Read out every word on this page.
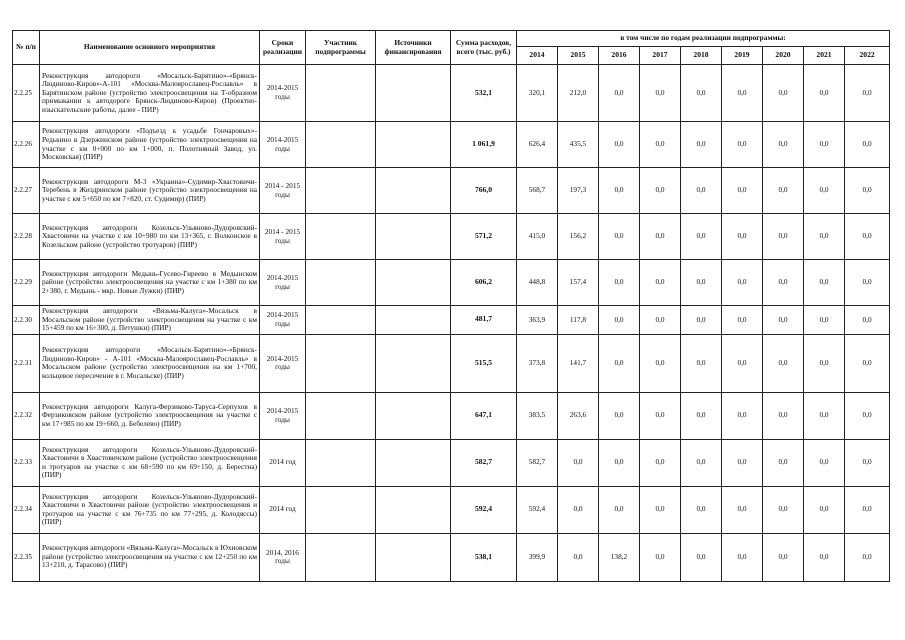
№ п/п	Наименование основного мероприятия	Сроки реализации	Участник подпрограммы	Источники финансирования	Сумма расходов, всего (тыс. руб.)	в том числе по годам реализации подпрограммы:								
						2014	2015	2016	2017	2018	2019	2020	2021	2022
2.2.25	Реконструкция автодороги «Мосальск-Барятино»-«Брянск-Людиново-Киров»-А-101 «Москва-Малоярославец-Рославль» в Барятинском районе (устройство электроосвещения на Т-образном примыкании к автодороге Брянск-Людиново-Киров) (Проектно-изыскательские работы, далее - ПИР)	2014-2015 годы			532,1	320,1	212,0	0,0	0,0	0,0	0,0	0,0	0,0	0,0
2.2.26	Реконструкция автодороги «Подъезд к усадьбе Гончаровых»-Редькино в Дзержинском районе (устройство электроосвещения на участке с км 0+000 по км 1+000, п. Полотняный Завод, ул. Московская) (ПИР)	2014-2015 годы			1 061,9	626,4	435,5	0,0	0,0	0,0	0,0	0,0	0,0	0,0
2.2.27	Реконструкция автодороги М-3 «Украина»-Судимир-Хвастовичи-Теребень в Жиздринском районе (устройство электроосвещения на участке с км 5+650 по км 7+820, ст. Судимир) (ПИР)	2014 - 2015 годы			766,0	568,7	197,3	0,0	0,0	0,0	0,0	0,0	0,0	0,0
2.2.28	Реконструкция автодороги Козельск-Ульяново-Дудоровский-Хвастовичи на участке с км 10+980 по км 13+365, г. Волконское в Козельском районе (устройство тротуаров) (ПИР)	2014 - 2015 годы			571,2	415,0	156,2	0,0	0,0	0,0	0,0	0,0	0,0	0,0
2.2.29	Реконструкция автодороги Медынь-Гусево-Гиреево в Медынском районе (устройство электроосвещения на участке с км 1+380 по км 2+380, г. Медынь - мкр. Новые Лужки) (ПИР)	2014-2015 годы			606,2	448,8	157,4	0,0	0,0	0,0	0,0	0,0	0,0	0,0
2.2.30	Реконструкция автодороги «Вязьма-Калуга»-Мосальск в Мосальском районе (устройство электроосвещения на участке с км 15+459 по км 16+300, д. Петушки) (ПИР)	2014-2015 годы			481,7	363,9	117,8	0,0	0,0	0,0	0,0	0,0	0,0	0,0
2.2.31	Реконструкция автодороги «Мосальск-Барятино»-«Брянск-Людиново-Киров» - А-101 «Москва-Малоярославец-Рославль» в Мосальском районе (устройство электроосвещения на км 1+700, кольцевое пересечение в г. Мосальске) (ПИР)	2014-2015 годы			515,5	373,8	141,7	0,0	0,0	0,0	0,0	0,0	0,0	0,0
2.2.32	Реконструкция автодороги Калуга-Ферзиково-Таруса-Серпухов в Ферзиковском районе (устройство электроосвещения на участке с км 17+985 по км 19+660, д. Бебелево) (ПИР)	2014-2015 годы			647,1	383,5	263,6	0,0	0,0	0,0	0,0	0,0	0,0	0,0
2.2.33	Реконструкция автодороги Козельск-Ульяново-Дудоровский-Хвастовичи в Хвастовичском районе (устройство электроосвещения и тротуаров на участке с км 68+590 по км 69+150, д. Берестна) (ПИР)	2014 год			582,7	582,7	0,0	0,0	0,0	0,0	0,0	0,0	0,0	0,0
2.2.34	Реконструкция автодороги Козельск-Ульяново-Дудоровский-Хвастовичи в Хвастовичи районе (устройство электроосвещения и тротуаров на участке с км 76+735 по км 77+295, д. Колодяссы) (ПИР)	2014 год			592,4	592,4	0,0	0,0	0,0	0,0	0,0	0,0	0,0	0,0
2.2.35	Реконструкция автодороги «Вязьма-Калуга»-Мосальск в Юхновском районе (устройство электроосвещения на участке с км 12+250 по км 13+210, д. Тарасово) (ПИР)	2014, 2016 годы			538,1	399,9	0,0	138,2	0,0	0,0	0,0	0,0	0,0	0,0
